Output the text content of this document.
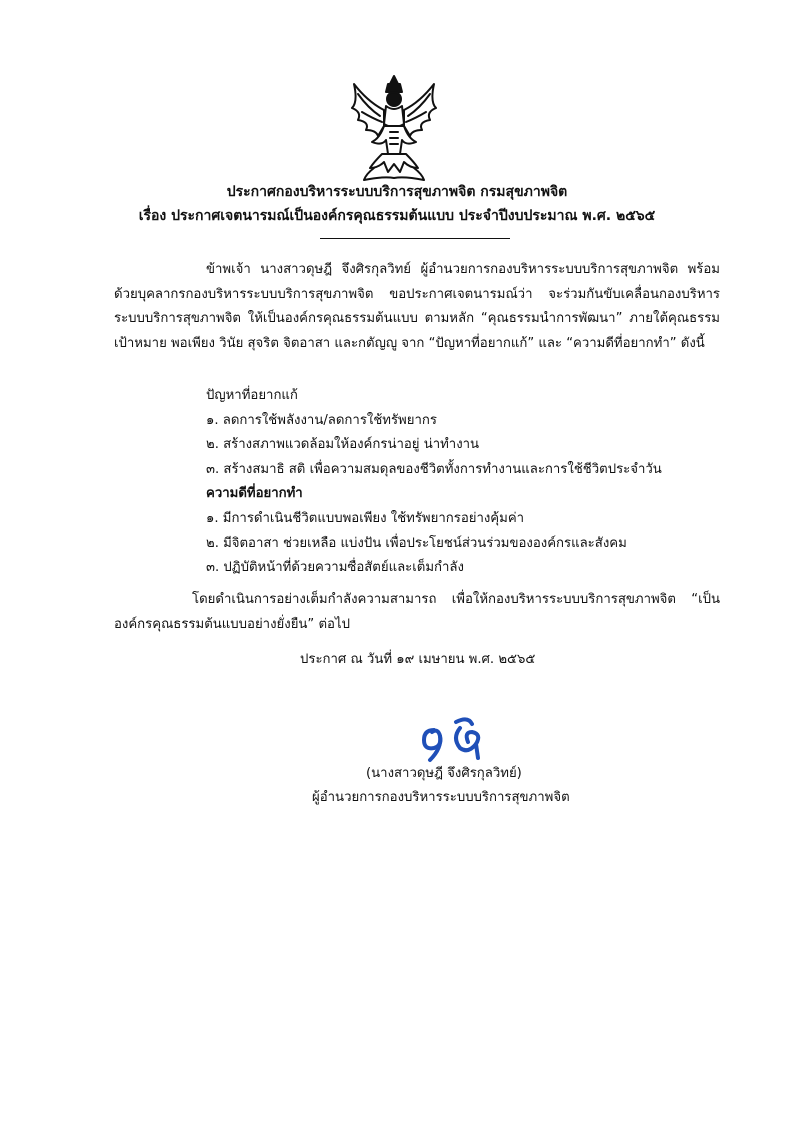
ประกาศกองบริหารระบบบริการสุขภาพจิต กรมสุขภาพจิต
เรื่อง ประกาศเจตนารมณ์เป็นองค์กรคุณธรรมต้นแบบ ประจำปีงบประมาณ พ.ศ. ๒๕๖๕
ข้าพเจ้า นางสาวดุษฎี จึงศิรกุลวิทย์ ผู้อำนวยการกองบริหารระบบบริการสุขภาพจิต พร้อมด้วยบุคลากรกองบริหารระบบบริการสุขภาพจิต ขอประกาศเจตนารมณ์ว่า จะร่วมกันขับเคลื่อนกองบริหารระบบบริการสุขภาพจิต ให้เป็นองค์กรคุณธรรมต้นแบบ ตามหลัก “คุณธรรมนำการพัฒนา” ภายใต้คุณธรรมเป้าหมาย พอเพียง วินัย สุจริต จิตอาสา และกตัญญู จาก “ปัญหาที่อยากแก้” และ “ความดีที่อยากทำ” ดังนี้
ปัญหาที่อยากแก้
๑. ลดการใช้พลังงาน/ลดการใช้ทรัพยากร
๒. สร้างสภาพแวดล้อมให้องค์กรน่าอยู่ น่าทำงาน
๓. สร้างสมาธิ สติ เพื่อความสมดุลของชีวิตทั้งการทำงานและการใช้ชีวิตประจำวัน
ความดีที่อยากทำ
๑. มีการดำเนินชีวิตแบบพอเพียง ใช้ทรัพยากรอย่างคุ้มค่า
๒. มีจิตอาสา ช่วยเหลือ แบ่งปัน เพื่อประโยชน์ส่วนร่วมขององค์กรและสังคม
๓. ปฏิบัติหน้าที่ด้วยความซื่อสัตย์และเต็มกำลัง
โดยดำเนินการอย่างเต็มกำลังความสามารถ เพื่อให้กองบริหารระบบบริการสุขภาพจิต “เป็นองค์กรคุณธรรมต้นแบบอย่างยั่งยืน” ต่อไป
ประกาศ ณ วันที่ ๑๙ เมษายน พ.ศ. ๒๕๖๕
(นางสาวดุษฎี จึงศิรกุลวิทย์)
ผู้อำนวยการกองบริหารระบบบริการสุขภาพจิต
